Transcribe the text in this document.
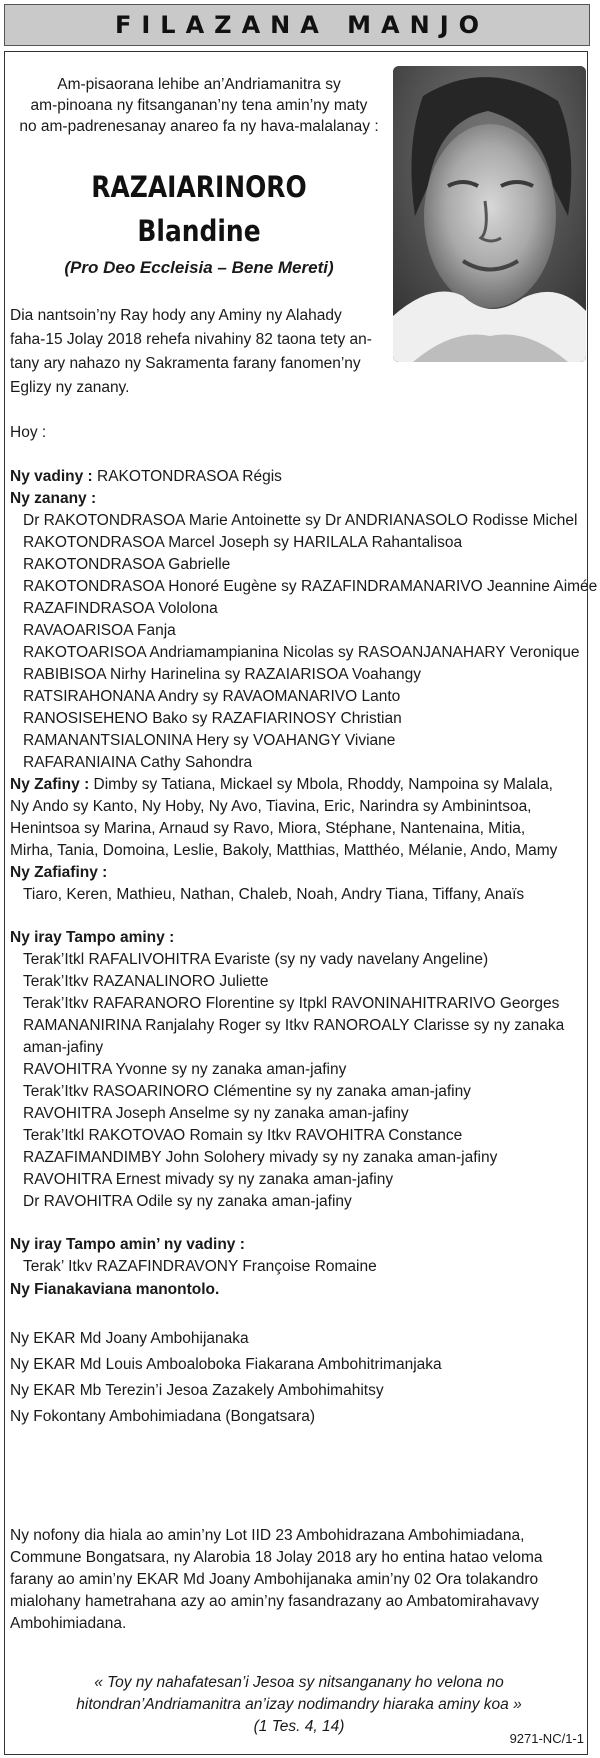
FILAZANA MANJO
Am-pisaorana lehibe an’Andriamanitra sy
am-pinoana ny fitsanganan’ny tena amin’ny maty
no am-padrenesanay anareo fa ny hava-malalanay :
RAZAIARINORO
Blandine
(Pro Deo Eccleisia – Bene Mereti)
Dia nantsoin’ny Ray hody any Aminy ny Alahady
faha-15 Jolay 2018 rehefa nivahiny 82 taona tety an-
tany ary nahazo ny Sakramenta farany fanomen’ny
Eglizy ny zanany.
Hoy :
Ny vadiny : RAKOTONDRASOA Régis
Ny zanany :
Dr RAKOTONDRASOA Marie Antoinette sy Dr ANDRIANASOLO Rodisse Michel
RAKOTONDRASOA Marcel Joseph sy HARILALA Rahantalisoa
RAKOTONDRASOA Gabrielle
RAKOTONDRASOA Honoré Eugène sy RAZAFINDRAMANARIVO Jeannine Aimée
RAZAFINDRASOA Vololona
RAVAOARISOA Fanja
RAKOTOARISOA Andriamampianina Nicolas sy RASOANJANAHARY Veronique
RABIBISOA Nirhy Harinelina sy RAZAIARISOA Voahangy
RATSIRAHONANA Andry sy RAVAOMANARIVO Lanto
RANOSISEHENO Bako sy RAZAFIARINOSY Christian
RAMANANTSIALONINA Hery sy VOAHANGY Viviane
RAFARANIAINA Cathy Sahondra
Ny Zafiny : Dimby sy Tatiana, Mickael sy Mbola, Rhoddy, Nampoina sy Malala,
Ny Ando sy Kanto, Ny Hoby, Ny Avo, Tiavina, Eric, Narindra sy Ambinintsoa,
Henintsoa sy Marina, Arnaud sy Ravo, Miora, Stéphane, Nantenaina, Mitia,
Mirha, Tania, Domoina, Leslie, Bakoly, Matthias, Matthéo, Mélanie, Ando, Mamy
Ny Zafiafiny :
Tiaro, Keren, Mathieu, Nathan, Chaleb, Noah, Andry Tiana, Tiffany, Anaïs
Ny iray Tampo aminy :
Terak’Itkl RAFALIVOHITRA Evariste (sy ny vady navelany Angeline)
Terak’Itkv RAZANALINORO Juliette
Terak’Itkv RAFARANORO Florentine sy Itpkl RAVONINAHITRARIVO Georges
RAMANANIRINA Ranjalahy Roger sy Itkv RANOROALY Clarisse sy ny zanaka
aman-jafiny
RAVOHITRA Yvonne sy ny zanaka aman-jafiny
Terak’Itkv RASOARINORO Clémentine sy ny zanaka aman-jafiny
RAVOHITRA Joseph Anselme sy ny zanaka aman-jafiny
Terak’Itkl RAKOTOVAO Romain sy Itkv RAVOHITRA Constance
RAZAFIMANDIMBY John Solohery mivady sy ny zanaka aman-jafiny
RAVOHITRA Ernest mivady sy ny zanaka aman-jafiny
Dr RAVOHITRA Odile sy ny zanaka aman-jafiny
Ny iray Tampo amin’ ny vadiny :
Terak’ Itkv RAZAFINDRAVONY Françoise Romaine
Ny Fianakaviana manontolo.
Ny EKAR Md Joany Ambohijanaka
Ny EKAR Md Louis Amboaloboka Fiakarana Ambohitrimanjaka
Ny EKAR Mb Terezin’i Jesoa Zazakely Ambohimahitsy
Ny Fokontany Ambohimiadana (Bongatsara)
Ny nofony dia hiala ao amin’ny Lot IID 23 Ambohidrazana Ambohimiadana,
Commune Bongatsara, ny Alarobia 18 Jolay 2018 ary ho entina hatao veloma
farany ao amin’ny EKAR Md Joany Ambohijanaka amin’ny 02 Ora tolakandro
mialohany hametrahana azy ao amin’ny fasandrazany ao Ambatomirahavavy
Ambohimiadana.
« Toy ny nahafatesan’i Jesoa sy nitsanganany ho velona no
hitondran’Andriamanitra an’izay nodimandry hiaraka aminy koa »
(1 Tes. 4, 14)
9271-NC/1-1
